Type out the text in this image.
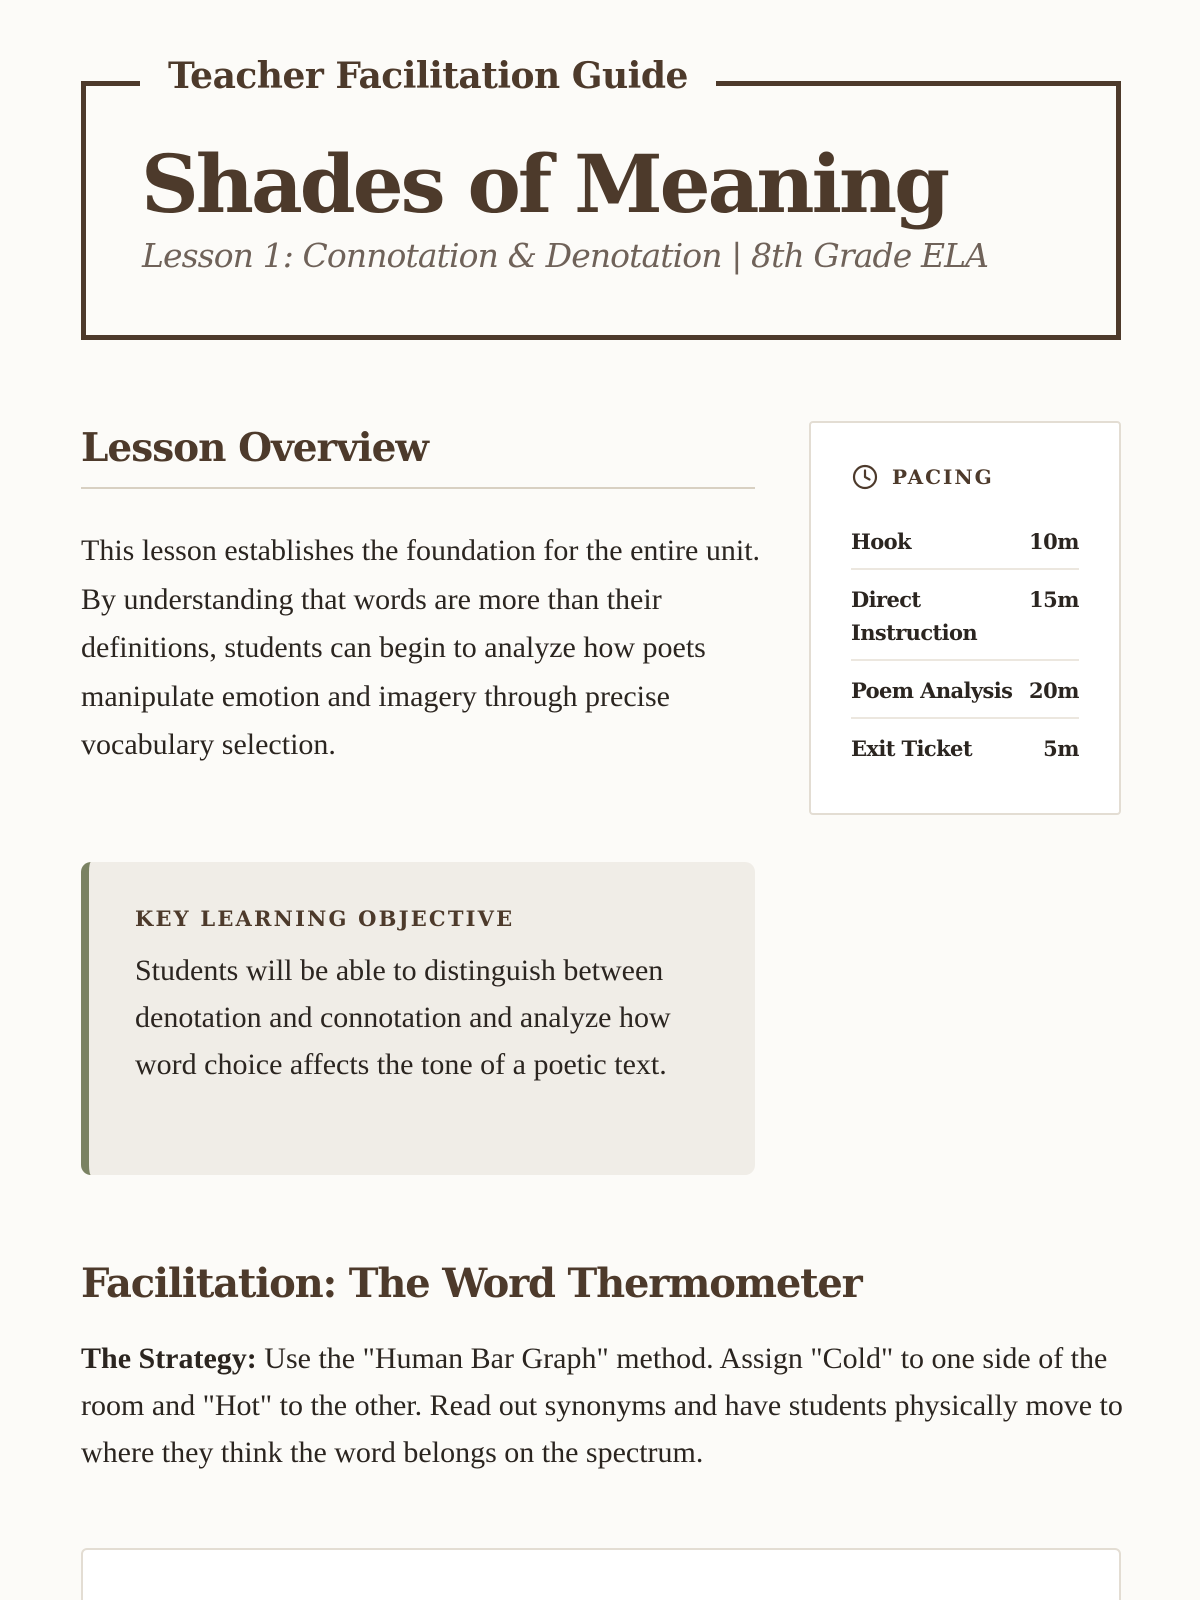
Teacher Facilitation Guide
Shades of Meaning
Lesson 1: Connotation & Denotation | 8th Grade ELA
Lesson Overview

This lesson establishes the foundation for the entire unit. By understanding that words are more than their definitions, students can begin to analyze how poets manipulate emotion and imagery through precise vocabulary selection.

KEY LEARNING OBJECTIVE

Students will be able to distinguish between denotation and connotation and analyze how word choice affects the tone of a poetic text.

PACING
Hook	10m
Direct Instruction
15m
Poem Analysis 20m
Exit Ticket	5m
Facilitation: The Word Thermometer

The Strategy: Use the "Human Bar Graph" method. Assign "Cold" to one side of the room and "Hot" to the other. Read out synonyms and have students physically move to where they think the word belongs on the spectrum.
